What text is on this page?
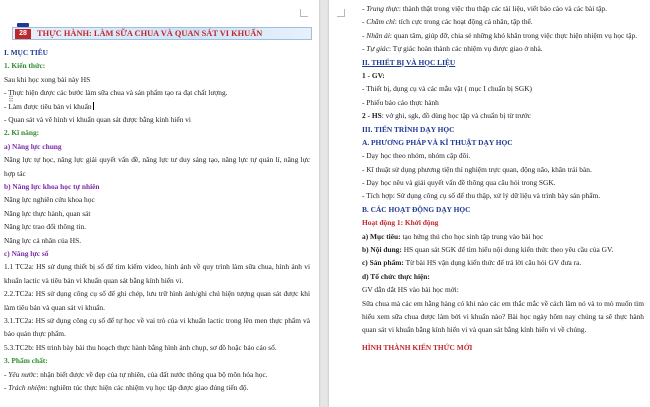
⠿
28	THỰC HÀNH: LÀM SỮA CHUA VÀ QUAN SÁT VI KHUẨN
I. MỤC TIÊU
1. Kiến thức:
Sau khi học xong bài này HS
- Thực hiện được các bước làm sữa chua và sản phẩm tạo ra đạt chất lượng.
- Làm được tiêu bản vi khuẩn
- Quan sát và vẽ hình vi khuẩn quan sát được bằng kính hiển vi
2. Kĩ năng:
a) Năng lực chung
Năng lực tự học, năng lực giải quyết vấn đề, năng lực tư duy sáng tạo, năng lực tự quản lí, năng lực hợp tác
b) Năng lực khoa học tự nhiên
Năng lực nghiên cứu khoa học
Năng lực thực hành, quan sát
Năng lực trao đổi thông tin.
Năng lực cá nhân của HS.
c) Năng lực số
1.1 TC2a: HS sử dụng thiết bị số để tìm kiếm video, hình ảnh về quy trình làm sữa chua, hình ảnh vi khuẩn lactic và tiêu bản vi khuẩn quan sát bằng kính hiển vi.
2.2.TC2a: HS sử dụng công cụ số để ghi chép, lưu trữ hình ảnh/ghi chú hiện tượng quan sát được khi làm tiêu bản và quan sát vi khuẩn.
3.1.TC2a: HS sử dụng công cụ số để tự học về vai trò của vi khuẩn lactic trong lên men thực phẩm và bảo quản thực phẩm.
5.3.TC2b: HS trình bày bài thu hoạch thực hành bằng hình ảnh chụp, sơ đồ hoặc báo cáo số.
3. Phẩm chất:
- Yêu nước: nhận biết được về đẹp của tự nhiên, của đất nước thông qua bộ môn hóa học.
- Trách nhiệm: nghiêm túc thực hiện các nhiệm vụ học tập được giao đúng tiến độ.
- Trung thực: thành thật trong việc thu thập các tài liệu, viết báo cáo và các bài tập.
- Chăm chỉ: tích cực trong các hoạt động cá nhân, tập thể.
- Nhân ái: quan tâm, giúp đỡ, chia sẻ những khó khăn trong việc thực hiện nhiệm vụ học tập.
- Tự giác: Tự giác hoàn thành các nhiệm vụ được giao ở nhà.
II. THIẾT BỊ VÀ HỌC LIỆU
1 - GV:
- Thiết bị, dụng cụ và các mẫu vật ( mục I chuẩn bị SGK)
- Phiếu báo cáo thực hành
2 - HS: vở ghi, sgk, đồ dùng học tập và chuẩn bị từ trước
III. TIẾN TRÌNH DẠY HỌC
A. PHƯƠNG PHÁP VÀ KĨ THUẬT DẠY HỌC
- Dạy học theo nhóm, nhóm cặp đôi.
- Kĩ thuật sử dụng phương tiện thí nghiệm trực quan, động não, khăn trải bàn.
- Dạy học nêu và giải quyết vấn đề thông qua câu hỏi trong SGK.
- Tích hợp: Sử dụng công cụ số để thu thập, xử lý dữ liệu và trình bày sản phẩm.
B. CÁC HOẠT ĐỘNG DẠY HỌC
Hoạt động 1: Khởi động
a) Mục tiêu: tạo hứng thú cho học sinh tập trung vào bài học
b) Nội dung: HS quan sát SGK để tìm hiểu nội dung kiến thức theo yêu cầu của GV.
c) Sản phẩm: Từ bài HS vận dụng kiến thức để trả lời câu hỏi GV đưa ra.
d) Tổ chức thực hiện:
GV dẫn dắt HS vào bài học mới:
Sữa chua mà các em hằng hàng có khi nào các em thắc mắc về cách làm nó và to mò muốn tìm hiểu xem sữa chua được làm bởi vi khuẩn nào? Bài học ngày hôm nay chúng ta sẽ thực hành quan sát vi khuẩn bằng kính hiển vi và quan sát bằng kính hiển vi về chúng.
HÌNH THÀNH KIẾN THỨC MỚI
